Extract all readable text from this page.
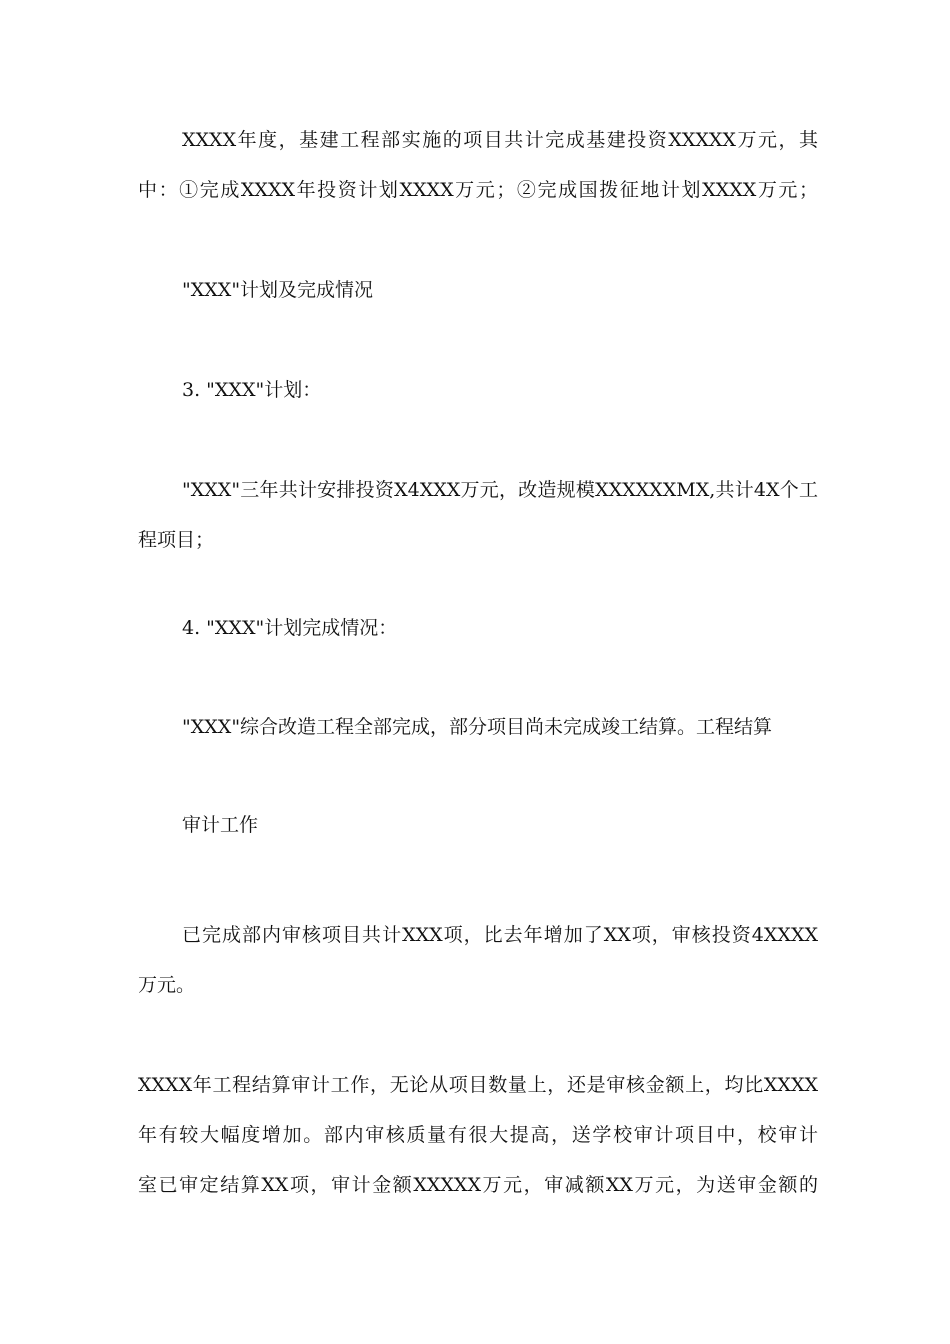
XXXX年度，基建工程部实施的项目共计完成基建投资XXXXX万元，其
中：①完成XXXX年投资计划XXXX万元；②完成国拨征地计划XXXX万元；

"XXX"计划及完成情况

3. "XXX"计划：

"XXX"三年共计安排投资X4XXX万元，改造规模XXXXXXMX,共计4X个工
程项目；

4. "XXX"计划完成情况：

"XXX"综合改造工程全部完成，部分项目尚未完成竣工结算。工程结算

审计工作

已完成部内审核项目共计XXX项，比去年增加了XX项，审核投资4XXXX
万元。

XXXX年工程结算审计工作，无论从项目数量上，还是审核金额上，均比XXXX
年有较大幅度增加。部内审核质量有很大提高，送学校审计项目中，校审计
室已审定结算XX项，审计金额XXXXX万元，审减额XX万元，为送审金额的
